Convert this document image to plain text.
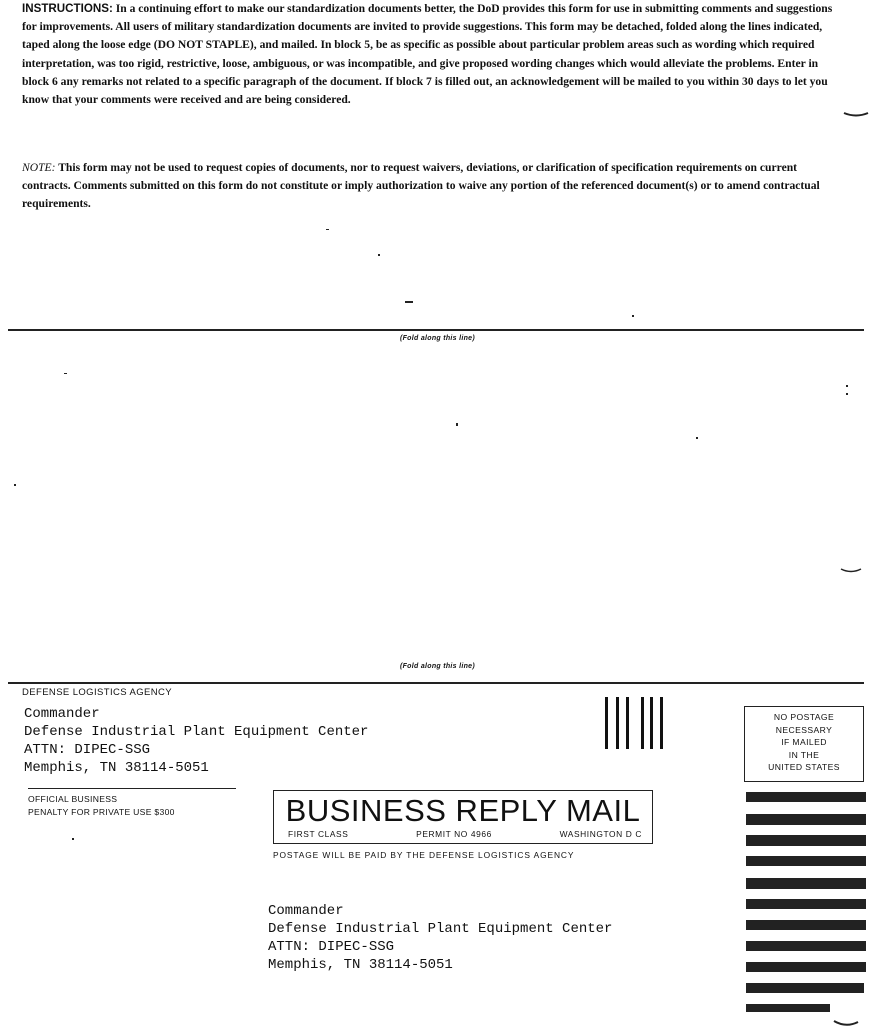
INSTRUCTIONS: In a continuing effort to make our standardization documents better, the DoD provides this form for use in submitting comments and suggestions for improvements. All users of military standardization documents are invited to provide suggestions. This form may be detached, folded along the lines indicated, taped along the loose edge (DO NOT STAPLE), and mailed. In block 5, be as specific as possible about particular problem areas such as wording which required interpretation, was too rigid, restrictive, loose, ambiguous, or was incompatible, and give proposed wording changes which would alleviate the problems. Enter in block 6 any remarks not related to a specific paragraph of the document. If block 7 is filled out, an acknowledgement will be mailed to you within 30 days to let you know that your comments were received and are being considered.

NOTE: This form may not be used to request copies of documents, nor to request waivers, deviations, or clarification of specification requirements on current contracts. Comments submitted on this form do not constitute or imply authorization to waive any portion of the referenced document(s) or to amend contractual requirements.

(Fold along this line)
(Fold along this line)
DEFENSE LOGISTICS AGENCY
Commander
Defense Industrial Plant Equipment Center
ATTN: DIPEC-SSG
Memphis, TN 38114-5051
NO POSTAGE
NECESSARY
IF MAILED
IN THE
UNITED STATES
OFFICIAL BUSINESS
PENALTY FOR PRIVATE USE $300	BUSINESS REPLY MAIL
FIRST CLASS	PERMIT NO 4966	WASHINGTON D C
POSTAGE WILL BE PAID BY THE DEFENSE LOGISTICS AGENCY
Commander
Defense Industrial Plant Equipment Center
ATTN: DIPEC-SSG
Memphis, TN 38114-5051
